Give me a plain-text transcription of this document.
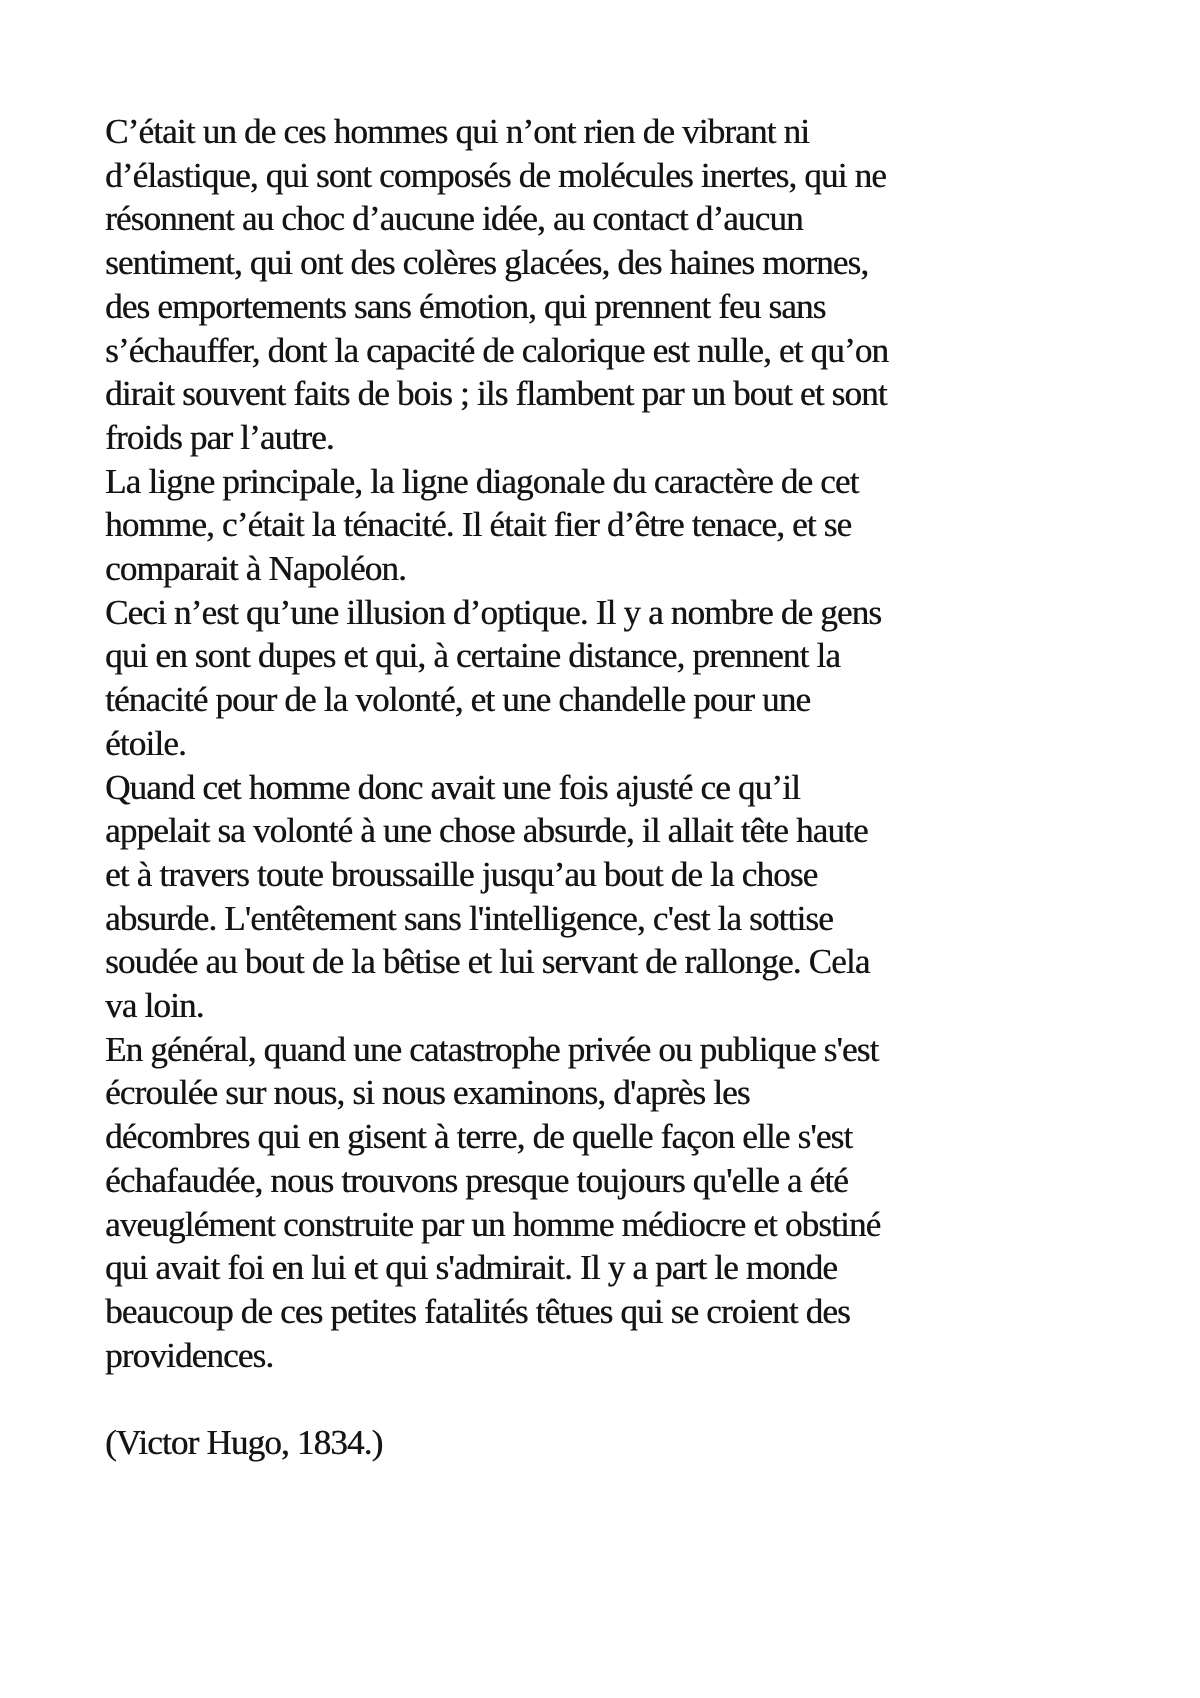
C’était un de ces hommes qui n’ont rien de vibrant ni
d’élastique, qui sont composés de molécules inertes, qui ne
résonnent au choc d’aucune idée, au contact d’aucun
sentiment, qui ont des colères glacées, des haines mornes,
des emportements sans émotion, qui prennent feu sans
s’échauffer, dont la capacité de calorique est nulle, et qu’on
dirait souvent faits de bois ; ils flambent par un bout et sont
froids par l’autre.
La ligne principale, la ligne diagonale du caractère de cet
homme, c’était la ténacité. Il était fier d’être tenace, et se
comparait à Napoléon.
Ceci n’est qu’une illusion d’optique. Il y a nombre de gens
qui en sont dupes et qui, à certaine distance, prennent la
ténacité pour de la volonté, et une chandelle pour une
étoile.
Quand cet homme donc avait une fois ajusté ce qu’il
appelait sa volonté à une chose absurde, il allait tête haute
et à travers toute broussaille jusqu’au bout de la chose
absurde. L'entêtement sans l'intelligence, c'est la sottise
soudée au bout de la bêtise et lui servant de rallonge. Cela
va loin.
En général, quand une catastrophe privée ou publique s'est
écroulée sur nous, si nous examinons, d'après les
décombres qui en gisent à terre, de quelle façon elle s'est
échafaudée, nous trouvons presque toujours qu'elle a été
aveuglément construite par un homme médiocre et obstiné
qui avait foi en lui et qui s'admirait. Il y a part le monde
beaucoup de ces petites fatalités têtues qui se croient des
providences.
(Victor Hugo, 1834.)
